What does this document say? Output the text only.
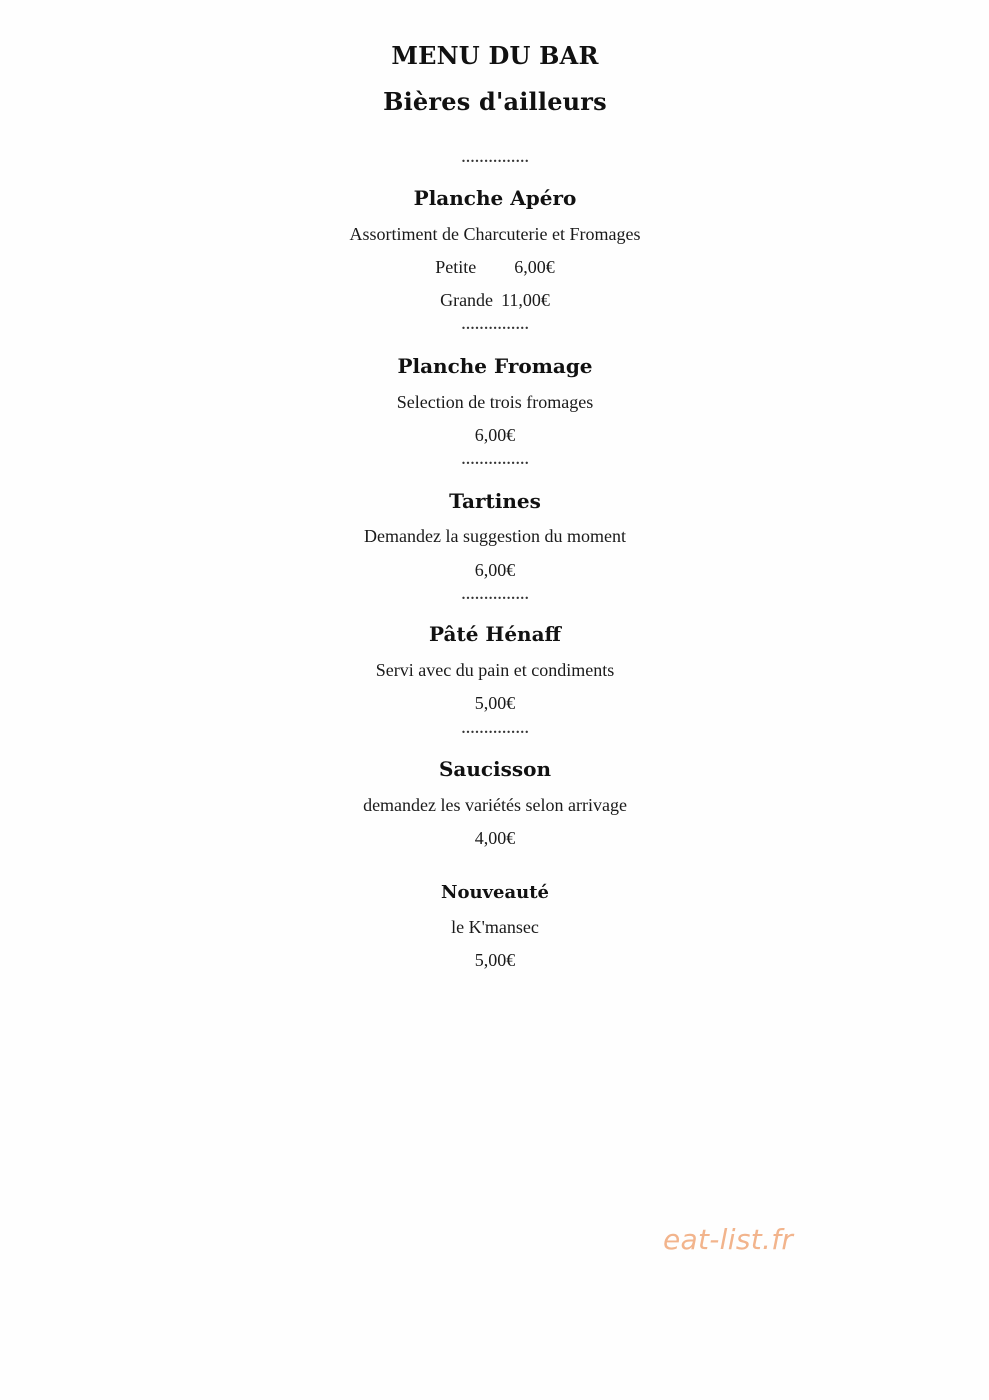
MENU DU BAR
Bières d'ailleurs
•••••••••••••••
Planche Apéro
Assortiment de Charcuterie et Fromages
Petite 6,00€
Grande 11,00€
•••••••••••••••
Planche Fromage
Selection de trois fromages
6,00€
•••••••••••••••
Tartines
Demandez la suggestion du moment
6,00€
•••••••••••••••
Pâté Hénaff
Servi avec du pain et condiments
5,00€
•••••••••••••••
Saucisson
demandez les variétés selon arrivage
4,00€
Nouveauté
le K'mansec
5,00€
eat-list.fr
